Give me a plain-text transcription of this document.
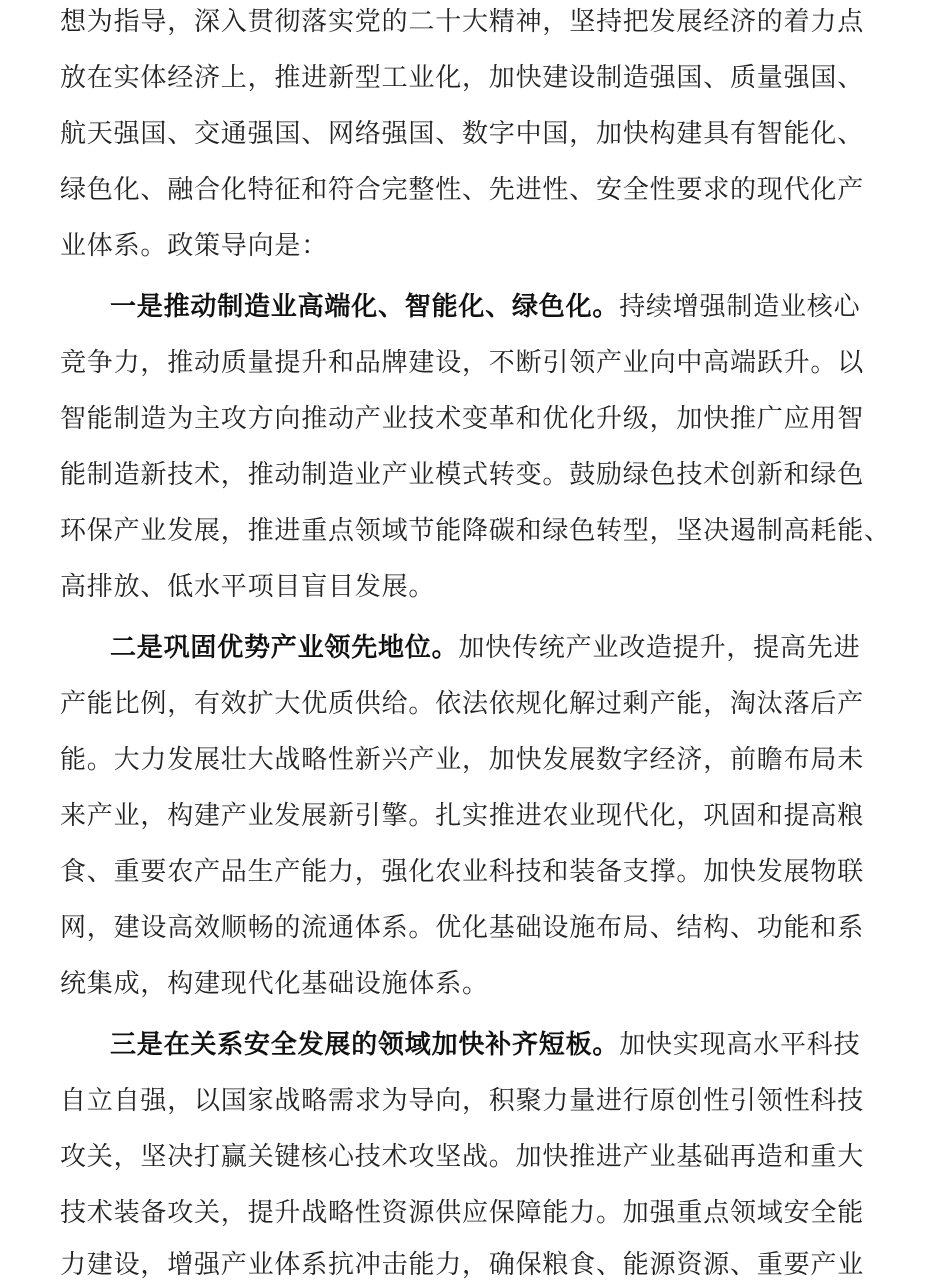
想为指导，深入贯彻落实党的二十大精神，坚持把发展经济的着力点
放在实体经济上，推进新型工业化，加快建设制造强国、质量强国、
航天强国、交通强国、网络强国、数字中国，加快构建具有智能化、
绿色化、融合化特征和符合完整性、先进性、安全性要求的现代化产
业体系。政策导向是：
一是推动制造业高端化、智能化、绿色化。持续增强制造业核心
竞争力，推动质量提升和品牌建设，不断引领产业向中高端跃升。以
智能制造为主攻方向推动产业技术变革和优化升级，加快推广应用智
能制造新技术，推动制造业产业模式转变。鼓励绿色技术创新和绿色
环保产业发展，推进重点领域节能降碳和绿色转型，坚决遏制高耗能、
高排放、低水平项目盲目发展。
二是巩固优势产业领先地位。加快传统产业改造提升，提高先进
产能比例，有效扩大优质供给。依法依规化解过剩产能，淘汰落后产
能。大力发展壮大战略性新兴产业，加快发展数字经济，前瞻布局未
来产业，构建产业发展新引擎。扎实推进农业现代化，巩固和提高粮
食、重要农产品生产能力，强化农业科技和装备支撑。加快发展物联
网，建设高效顺畅的流通体系。优化基础设施布局、结构、功能和系
统集成，构建现代化基础设施体系。
三是在关系安全发展的领域加快补齐短板。加快实现高水平科技
自立自强，以国家战略需求为导向，积聚力量进行原创性引领性科技
攻关，坚决打赢关键核心技术攻坚战。加快推进产业基础再造和重大
技术装备攻关，提升战略性资源供应保障能力。加强重点领域安全能
力建设，增强产业体系抗冲击能力，确保粮食、能源资源、重要产业
